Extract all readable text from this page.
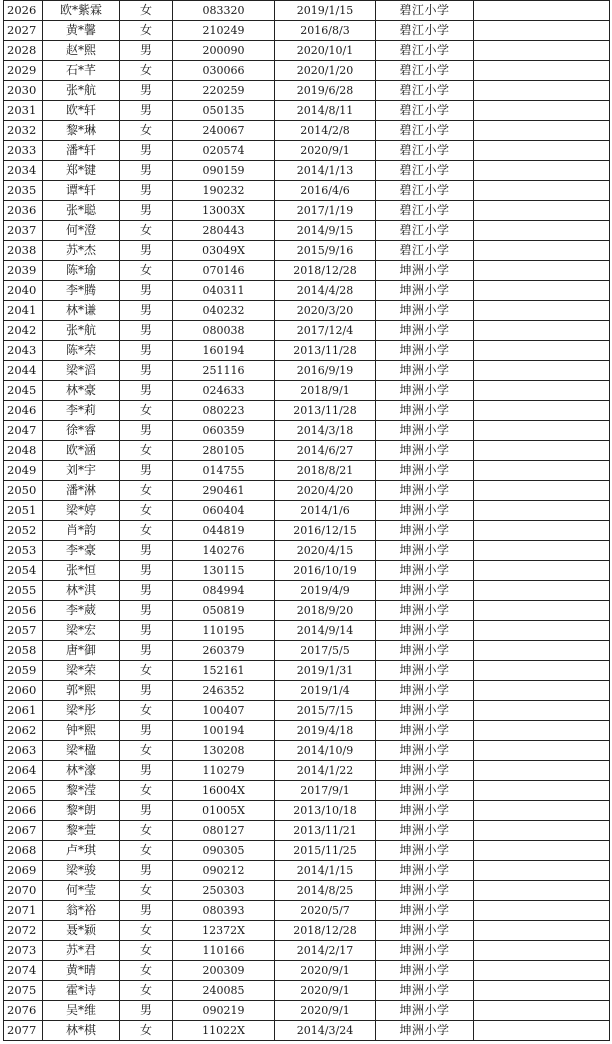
2026	欧*紫霖	女	083320	2019/1/15	碧江小学	
2027	黄*馨	女	210249	2016/8/3	碧江小学	
2028	赵*熙	男	200090	2020/10/1	碧江小学	
2029	石*芊	女	030066	2020/1/20	碧江小学	
2030	张*航	男	220259	2019/6/28	碧江小学	
2031	欧*轩	男	050135	2014/8/11	碧江小学	
2032	黎*琳	女	240067	2014/2/8	碧江小学	
2033	潘*轩	男	020574	2020/9/1	碧江小学	
2034	郑*键	男	090159	2014/1/13	碧江小学	
2035	谭*轩	男	190232	2016/4/6	碧江小学	
2036	张*聪	男	13003X	2017/1/19	碧江小学	
2037	何*澄	女	280443	2014/9/15	碧江小学	
2038	苏*杰	男	03049X	2015/9/16	碧江小学	
2039	陈*瑜	女	070146	2018/12/28	坤洲小学	
2040	李*腾	男	040311	2014/4/28	坤洲小学	
2041	林*谦	男	040232	2020/3/20	坤洲小学	
2042	张*航	男	080038	2017/12/4	坤洲小学	
2043	陈*荣	男	160194	2013/11/28	坤洲小学	
2044	梁*滔	男	251116	2016/9/19	坤洲小学	
2045	林*豪	男	024633	2018/9/1	坤洲小学	
2046	李*莉	女	080223	2013/11/28	坤洲小学	
2047	徐*睿	男	060359	2014/3/18	坤洲小学	
2048	欧*涵	女	280105	2014/6/27	坤洲小学	
2049	刘*宇	男	014755	2018/8/21	坤洲小学	
2050	潘*淋	女	290461	2020/4/20	坤洲小学	
2051	梁*婷	女	060404	2014/1/6	坤洲小学	
2052	肖*韵	女	044819	2016/12/15	坤洲小学	
2053	李*豪	男	140276	2020/4/15	坤洲小学	
2054	张*恒	男	130115	2016/10/19	坤洲小学	
2055	林*淇	男	084994	2019/4/9	坤洲小学	
2056	李*葳	男	050819	2018/9/20	坤洲小学	
2057	梁*宏	男	110195	2014/9/14	坤洲小学	
2058	唐*御	男	260379	2017/5/5	坤洲小学	
2059	梁*荣	女	152161	2019/1/31	坤洲小学	
2060	郭*熙	男	246352	2019/1/4	坤洲小学	
2061	梁*彤	女	100407	2015/7/15	坤洲小学	
2062	钟*熙	男	100194	2019/4/18	坤洲小学	
2063	梁*楹	女	130208	2014/10/9	坤洲小学	
2064	林*濠	男	110279	2014/1/22	坤洲小学	
2065	黎*滢	女	16004X	2017/9/1	坤洲小学	
2066	黎*朗	男	01005X	2013/10/18	坤洲小学	
2067	黎*萱	女	080127	2013/11/21	坤洲小学	
2068	卢*琪	女	090305	2015/11/25	坤洲小学	
2069	梁*骏	男	090212	2014/1/15	坤洲小学	
2070	何*莹	女	250303	2014/8/25	坤洲小学	
2071	翁*裕	男	080393	2020/5/7	坤洲小学	
2072	聂*颖	女	12372X	2018/12/28	坤洲小学	
2073	苏*君	女	110166	2014/2/17	坤洲小学	
2074	黄*晴	女	200309	2020/9/1	坤洲小学	
2075	霍*诗	女	240085	2020/9/1	坤洲小学	
2076	吴*维	男	090219	2020/9/1	坤洲小学	
2077	林*棋	女	11022X	2014/3/24	坤洲小学	
